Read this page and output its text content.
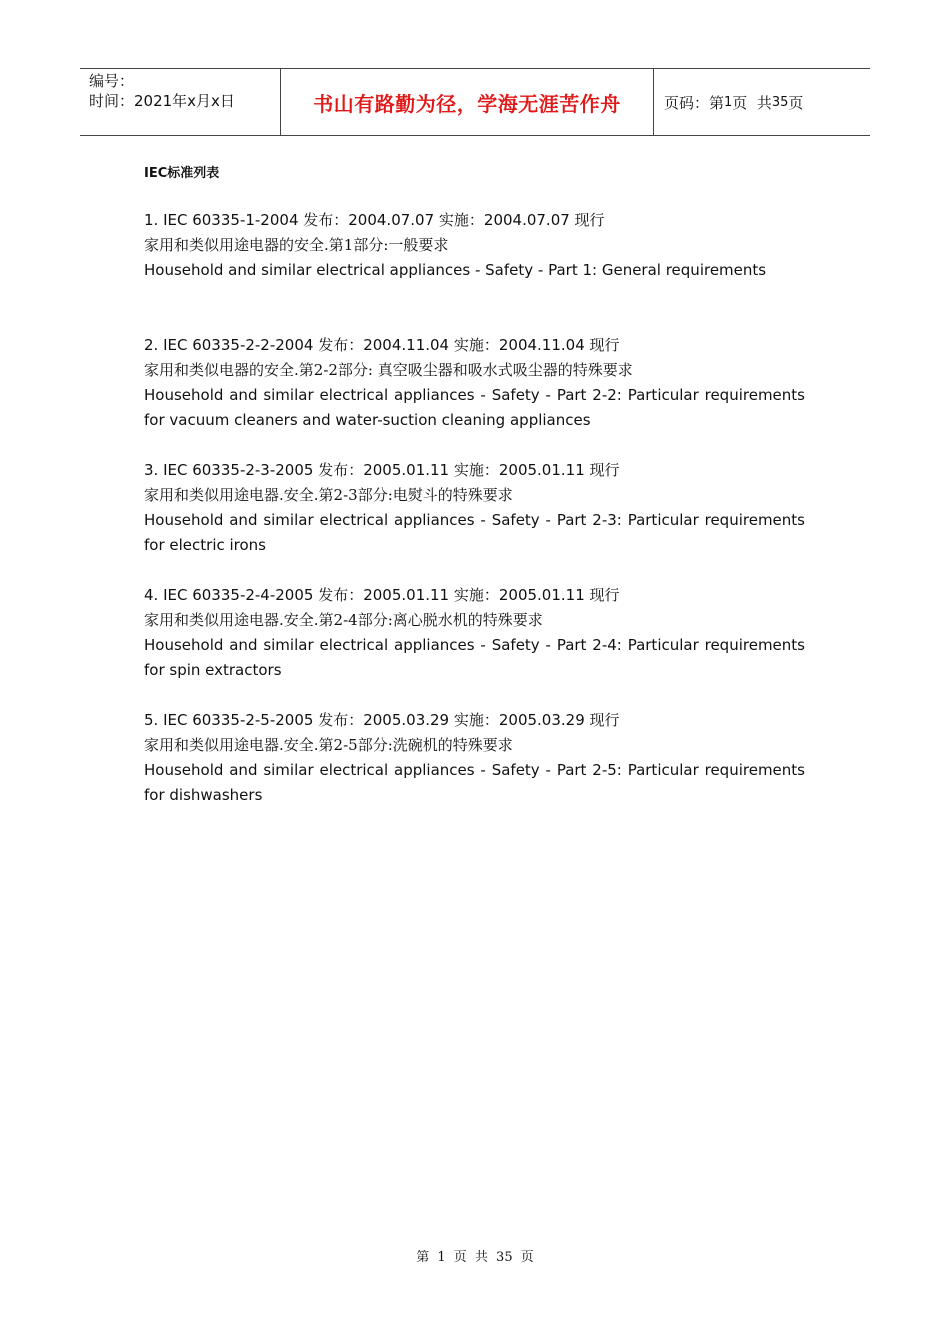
编号：
时间：2021年x月x日	书山有路勤为径，学海无涯苦作舟	页码：第 1 页  共 35 页
IEC标准列表
1. IEC 60335-1-2004 发布：2004.07.07 实施：2004.07.07 现行
家用和类似用途电器的安全.第1部分:一般要求
Household and similar electrical appliances - Safety - Part 1: General requirements
2. IEC 60335-2-2-2004 发布：2004.11.04 实施：2004.11.04 现行
家用和类似电器的安全.第2-2部分: 真空吸尘器和吸水式吸尘器的特殊要求
Household and similar electrical appliances - Safety - Part 2-2: Particular requirements for vacuum cleaners and water-suction cleaning appliances
3. IEC 60335-2-3-2005 发布：2005.01.11 实施：2005.01.11 现行
家用和类似用途电器.安全.第2-3部分:电熨斗的特殊要求
Household and similar electrical appliances - Safety - Part 2-3: Particular requirements for electric irons
4. IEC 60335-2-4-2005 发布：2005.01.11 实施：2005.01.11 现行
家用和类似用途电器.安全.第2-4部分:离心脱水机的特殊要求
Household and similar electrical appliances - Safety - Part 2-4: Particular requirements for spin extractors
5. IEC 60335-2-5-2005 发布：2005.03.29 实施：2005.03.29 现行
家用和类似用途电器.安全.第2-5部分:洗碗机的特殊要求
Household and similar electrical appliances - Safety - Part 2-5: Particular requirements for dishwashers
第 1 页 共 35 页
